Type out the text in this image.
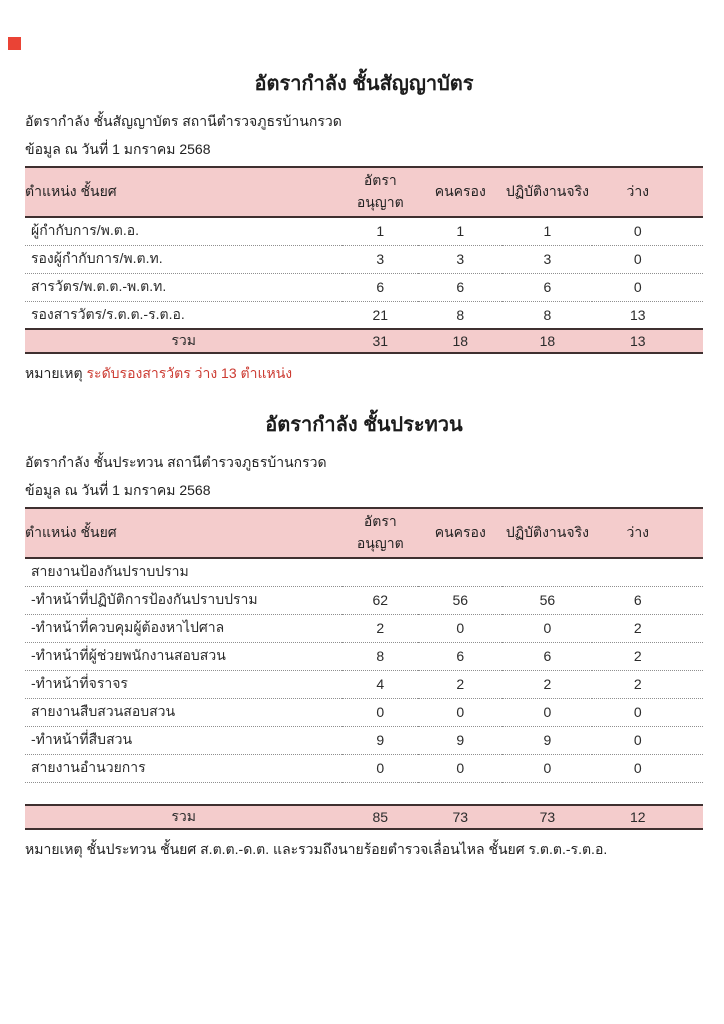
อัตรากำลัง ชั้นสัญญาบัตร

อัตรากำลัง ชั้นสัญญาบัตร สถานีตำรวจภูธรบ้านกรวด

ข้อมูล ณ วันที่ 1 มกราคม 2568

ตำแหน่ง ชั้นยศ	อัตราอนุญาต	คนครอง	ปฏิบัติงานจริง	ว่าง
ผู้กำกับการ/พ.ต.อ.	1	1	1	0
รองผู้กำกับการ/พ.ต.ท.	3	3	3	0
สารวัตร/พ.ต.ต.-พ.ต.ท.	6	6	6	0
รองสารวัตร/ร.ต.ต.-ร.ต.อ.	21	8	8	13
รวม	31	18	18	13

หมายเหตุ ระดับรองสารวัตร ว่าง 13 ตำแหน่ง

อัตรากำลัง ชั้นประทวน

อัตรากำลัง ชั้นประทวน สถานีตำรวจภูธรบ้านกรวด

ข้อมูล ณ วันที่ 1 มกราคม 2568

ตำแหน่ง ชั้นยศ	อัตราอนุญาต	คนครอง	ปฏิบัติงานจริง	ว่าง
สายงานป้องกันปราบปราม				
-ทำหน้าที่ปฏิบัติการป้องกันปราบปราม	62	56	56	6
-ทำหน้าที่ควบคุมผู้ต้องหาไปศาล	2	0	0	2
-ทำหน้าที่ผู้ช่วยพนักงานสอบสวน	8	6	6	2
-ทำหน้าที่จราจร	4	2	2	2
สายงานสืบสวนสอบสวน	0	0	0	0
-ทำหน้าที่สืบสวน	9	9	9	0
สายงานอำนวยการ	0	0	0	0

รวม	85	73	73	12

หมายเหตุ ชั้นประทวน ชั้นยศ ส.ต.ต.-ด.ต. และรวมถึงนายร้อยตำรวจเลื่อนไหล ชั้นยศ ร.ต.ต.-ร.ต.อ.
